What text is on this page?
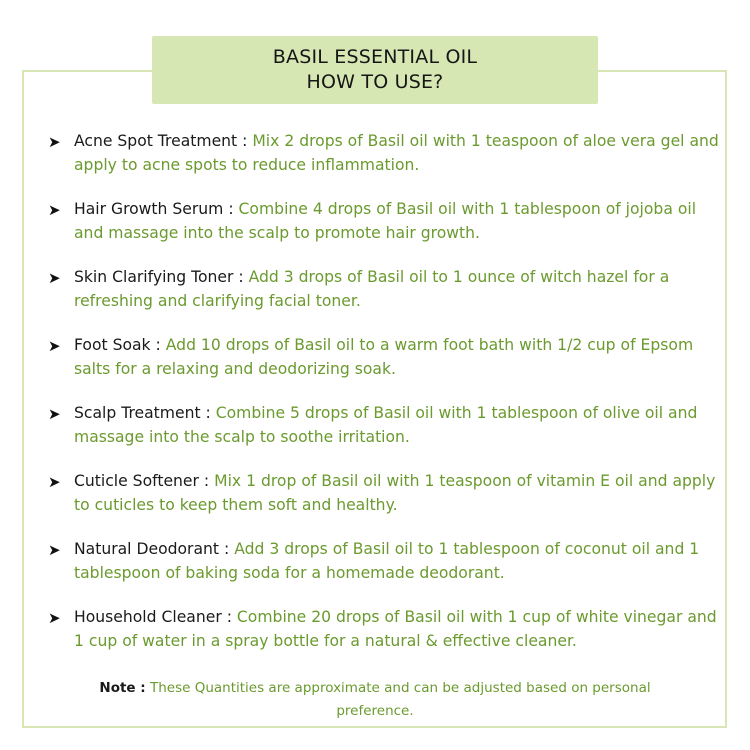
BASIL ESSENTIAL OIL
HOW TO USE?
➤ Acne Spot Treatment : Mix 2 drops of Basil oil with 1 teaspoon of aloe vera gel and apply to acne spots to reduce inflammation.
➤ Hair Growth Serum : Combine 4 drops of Basil oil with 1 tablespoon of jojoba oil and massage into the scalp to promote hair growth.
➤ Skin Clarifying Toner : Add 3 drops of Basil oil to 1 ounce of witch hazel for a refreshing and clarifying facial toner.
➤ Foot Soak : Add 10 drops of Basil oil to a warm foot bath with 1/2 cup of Epsom salts for a relaxing and deodorizing soak.
➤ Scalp Treatment : Combine 5 drops of Basil oil with 1 tablespoon of olive oil and massage into the scalp to soothe irritation.
➤ Cuticle Softener : Mix 1 drop of Basil oil with 1 teaspoon of vitamin E oil and apply to cuticles to keep them soft and healthy.
➤ Natural Deodorant : Add 3 drops of Basil oil to 1 tablespoon of coconut oil and 1 tablespoon of baking soda for a homemade deodorant.
➤ Household Cleaner : Combine 20 drops of Basil oil with 1 cup of white vinegar and 1 cup of water in a spray bottle for a natural & effective cleaner.
Note : These Quantities are approximate and can be adjusted based on personal preference.
